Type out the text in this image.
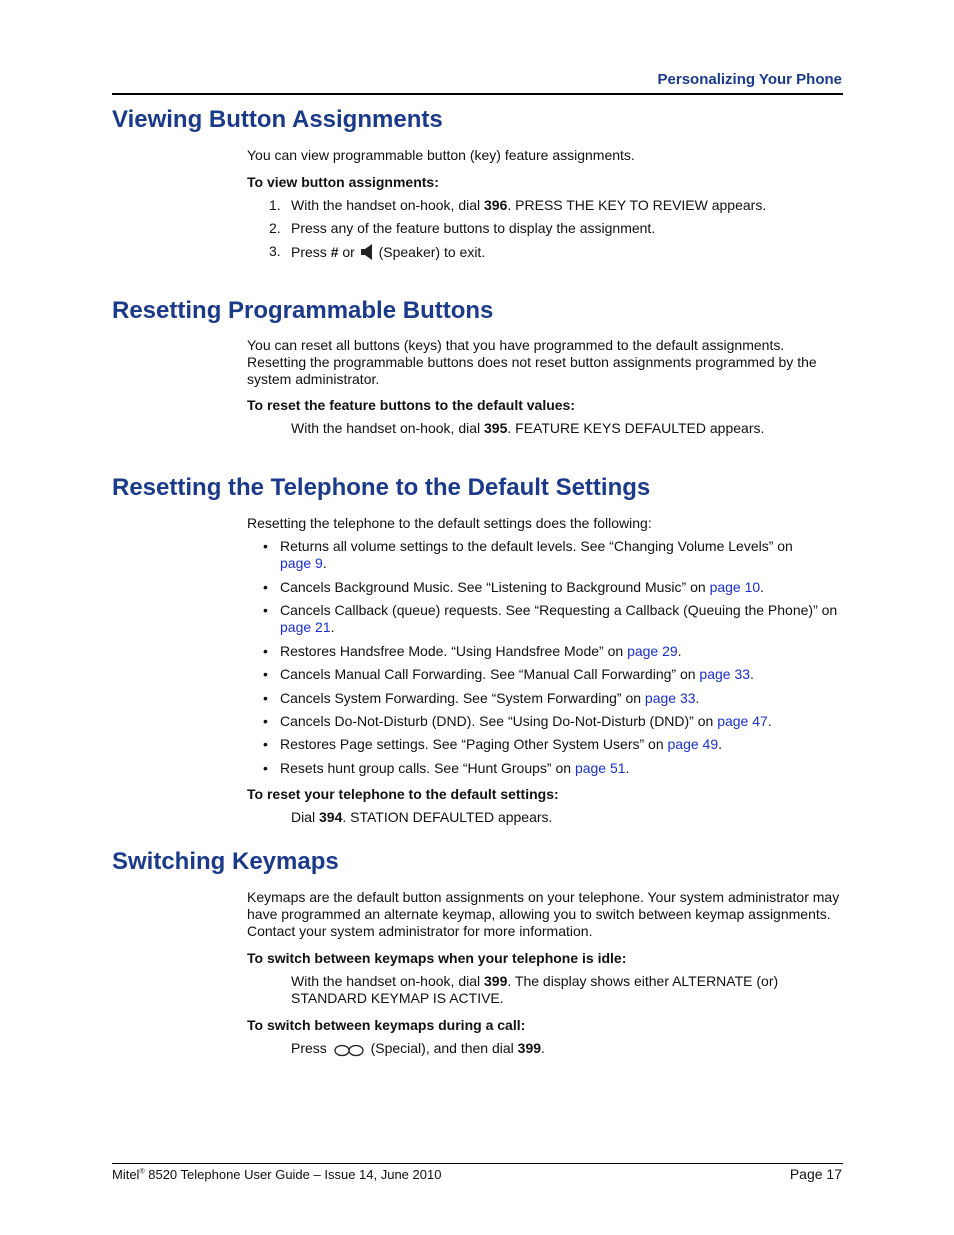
Personalizing Your Phone
Viewing Button Assignments

You can view programmable button (key) feature assignments.

To view button assignments:

1. With the handset on-hook, dial 396. PRESS THE KEY TO REVIEW appears.
2. Press any of the feature buttons to display the assignment.
3. Press # or  (Speaker) to exit.
Resetting Programmable Buttons

You can reset all buttons (keys) that you have programmed to the default assignments.

Resetting the programmable buttons does not reset button assignments programmed by the

system administrator.

To reset the feature buttons to the default values:

With the handset on-hook, dial 395. FEATURE KEYS DEFAULTED appears.

Resetting the Telephone to the Default Settings

Resetting the telephone to the default settings does the following:

• Returns all volume settings to the default levels. See “Changing Volume Levels” on
page 9.
• Cancels Background Music. See “Listening to Background Music” on page 10.
• Cancels Callback (queue) requests. See “Requesting a Callback (Queuing the Phone)” on
page 21.
• Restores Handsfree Mode. “Using Handsfree Mode” on page 29.
• Cancels Manual Call Forwarding. See “Manual Call Forwarding” on page 33.
• Cancels System Forwarding. See “System Forwarding” on page 33.
• Cancels Do-Not-Disturb (DND). See “Using Do-Not-Disturb (DND)” on page 47.
• Restores Page settings. See “Paging Other System Users” on page 49.
• Resets hunt group calls. See “Hunt Groups” on page 51.

To reset your telephone to the default settings:

Dial 394. STATION DEFAULTED appears.

Switching Keymaps

Keymaps are the default button assignments on your telephone. Your system administrator may

have programmed an alternate keymap, allowing you to switch between keymap assignments.

Contact your system administrator for more information.

To switch between keymaps when your telephone is idle:

With the handset on-hook, dial 399. The display shows either ALTERNATE (or)
STANDARD KEYMAP IS ACTIVE.

To switch between keymaps during a call:

Press	(Special), and then dial 399.

Mitel® 8520 Telephone User Guide – Issue 14, June 2010	Page 17
